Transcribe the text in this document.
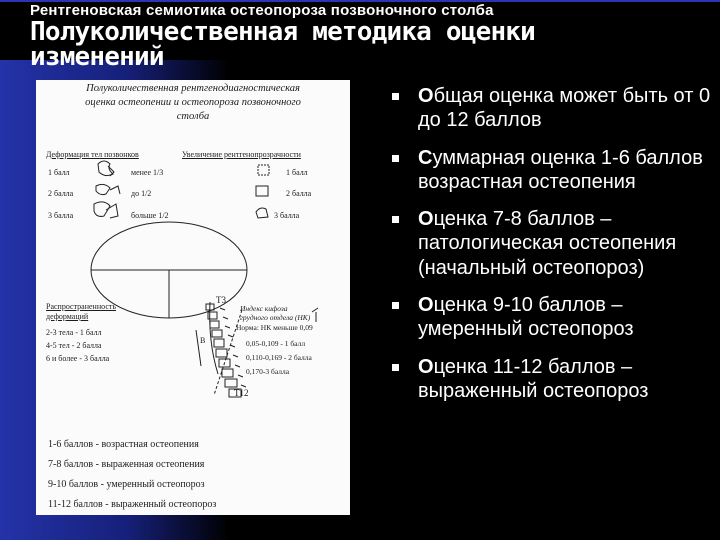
Рентгеновская семиотика остеопороза позвоночного столба
Полуколичественная методика оценки
изменений
Полуколичественная рентгенодиагностическая
оценка остеопении и остеопороза позвоночного
столба
Деформация тел позвонков	Увеличение рентгенопрозрачности
1 балл	менее 1/3	1 балл
2 балла	до 1/2	2 балла
3 балла	больше 1/2	3 балла
Т3
Т12
В
Распространенность
деформаций
2-3 тела - 1 балл
4-5 тел - 2 балла
6 и более - 3 балла
Индекс кифоза
грудного отдела (НК)
Норма: НК меньше 0,09
0,05-0,109 - 1 балл
0,110-0,169 - 2 балла
0,170-3 балла
1-6 баллов - возрастная остеопения
7-8 баллов - выраженная остеопения
9-10 баллов - умеренный остеопороз
11-12 баллов - выраженный остеопороз
Общая оценка может быть от 0 до 12 баллов
Суммарная оценка 1-6 баллов возрастная остеопения
Оценка 7-8 баллов – патологическая остеопения (начальный остеопороз)
Оценка 9-10 баллов – умеренный остеопороз
Оценка 11-12 баллов – выраженный остеопороз
